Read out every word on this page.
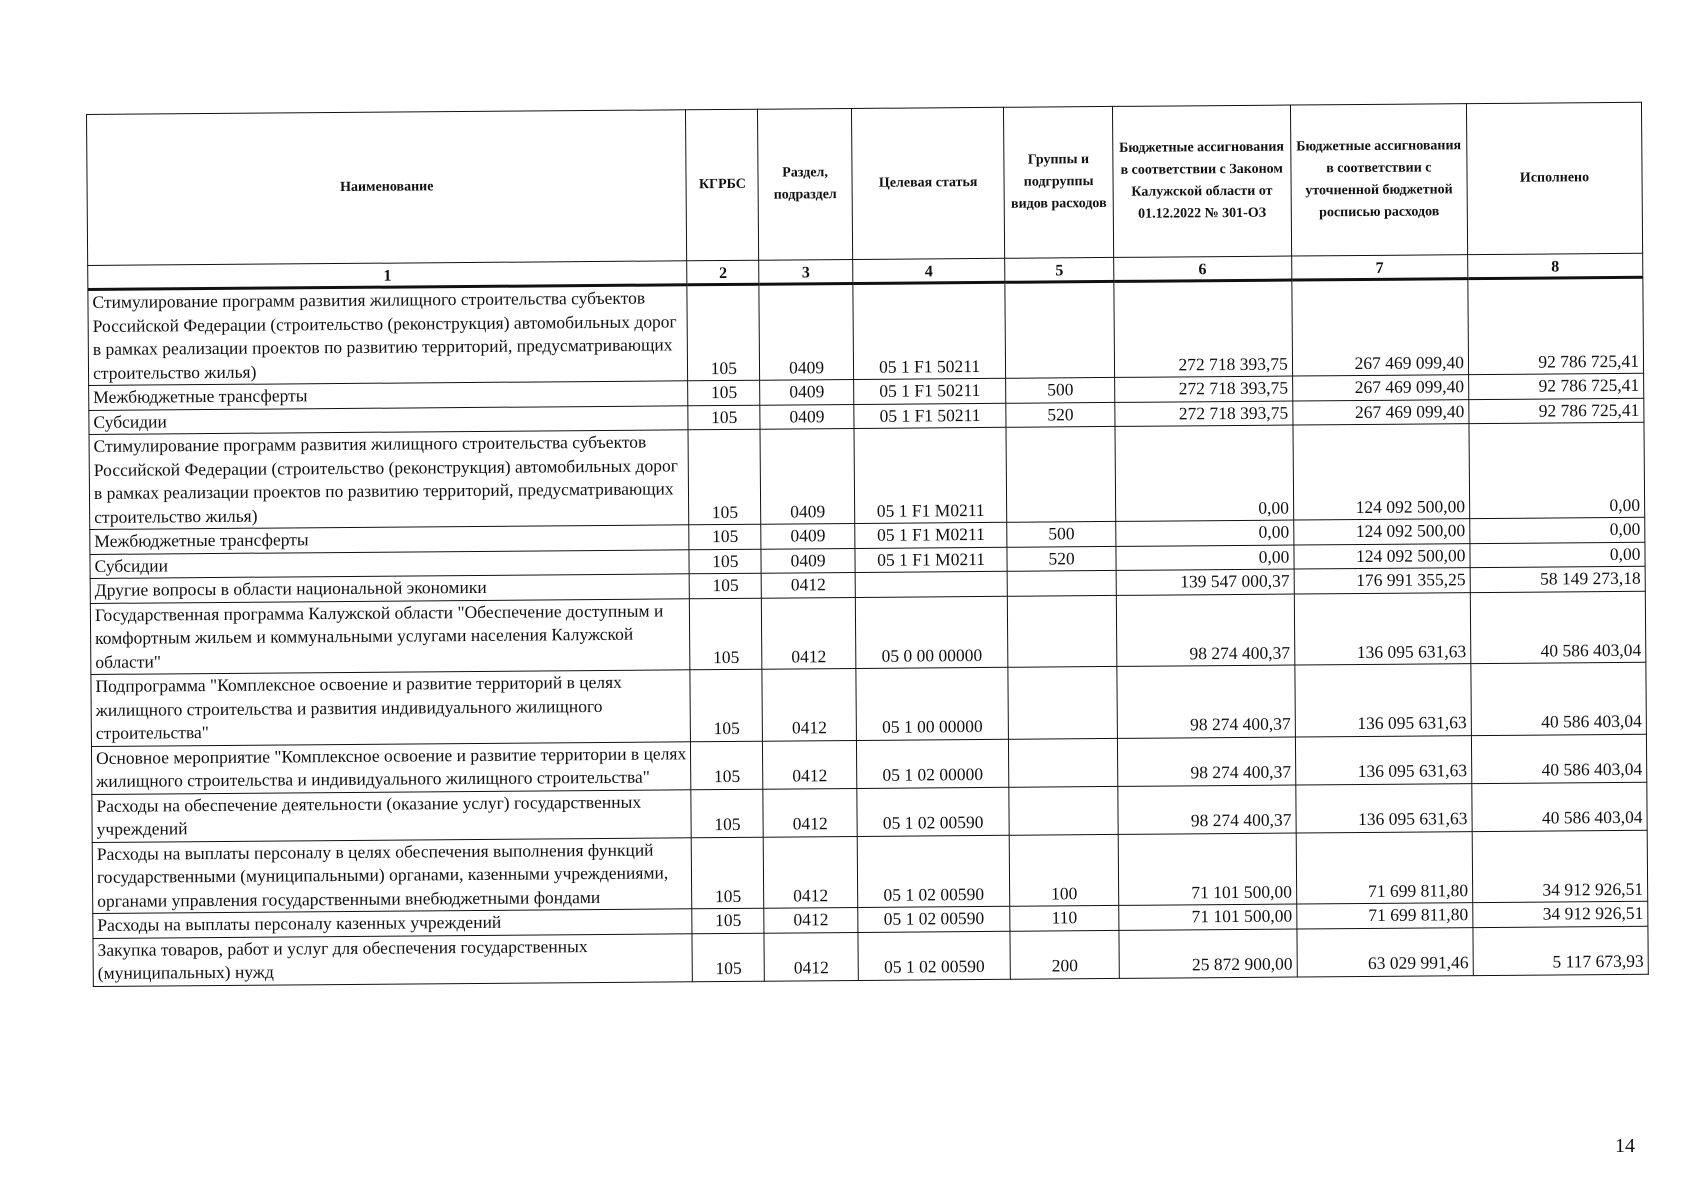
Наименование	КГРБС	Раздел, подраздел	Целевая статья	Группы и подгруппы видов расходов	Бюджетные ассигнования в соответствии с Законом Калужской области от 01.12.2022 № 301-ОЗ	Бюджетные ассигнования в соответствии с уточненной бюджетной росписью расходов	Исполнено
1	2	3	4	5	6	7	8
Стимулирование программ развития жилищного строительства субъектов Российской Федерации (строительство (реконструкция) автомобильных дорог в рамках реализации проектов по развитию территорий, предусматривающих строительство жилья)	105	0409	05 1 F1 50211		272 718 393,75	267 469 099,40	92 786 725,41
Межбюджетные трансферты	105	0409	05 1 F1 50211	500	272 718 393,75	267 469 099,40	92 786 725,41
Субсидии	105	0409	05 1 F1 50211	520	272 718 393,75	267 469 099,40	92 786 725,41
Стимулирование программ развития жилищного строительства субъектов Российской Федерации (строительство (реконструкция) автомобильных дорог в рамках реализации проектов по развитию территорий, предусматривающих строительство жилья)	105	0409	05 1 F1 M0211		0,00	124 092 500,00	0,00
Межбюджетные трансферты	105	0409	05 1 F1 M0211	500	0,00	124 092 500,00	0,00
Субсидии	105	0409	05 1 F1 M0211	520	0,00	124 092 500,00	0,00
Другие вопросы в области национальной экономики	105	0412			139 547 000,37	176 991 355,25	58 149 273,18
Государственная программа Калужской области "Обеспечение доступным и комфортным жильем и коммунальными услугами населения Калужской области"	105	0412	05 0 00 00000		98 274 400,37	136 095 631,63	40 586 403,04
Подпрограмма "Комплексное освоение и развитие территорий в целях жилищного строительства и развития индивидуального жилищного строительства"	105	0412	05 1 00 00000		98 274 400,37	136 095 631,63	40 586 403,04
Основное мероприятие "Комплексное освоение и развитие территории в целях жилищного строительства и индивидуального жилищного строительства"	105	0412	05 1 02 00000		98 274 400,37	136 095 631,63	40 586 403,04
Расходы на обеспечение деятельности (оказание услуг) государственных учреждений	105	0412	05 1 02 00590		98 274 400,37	136 095 631,63	40 586 403,04
Расходы на выплаты персоналу в целях обеспечения выполнения функций государственными (муниципальными) органами, казенными учреждениями, органами управления государственными внебюджетными фондами	105	0412	05 1 02 00590	100	71 101 500,00	71 699 811,80	34 912 926,51
Расходы на выплаты персоналу казенных учреждений	105	0412	05 1 02 00590	110	71 101 500,00	71 699 811,80	34 912 926,51
Закупка товаров, работ и услуг для обеспечения государственных (муниципальных) нужд	105	0412	05 1 02 00590	200	25 872 900,00	63 029 991,46	5 117 673,93
14
